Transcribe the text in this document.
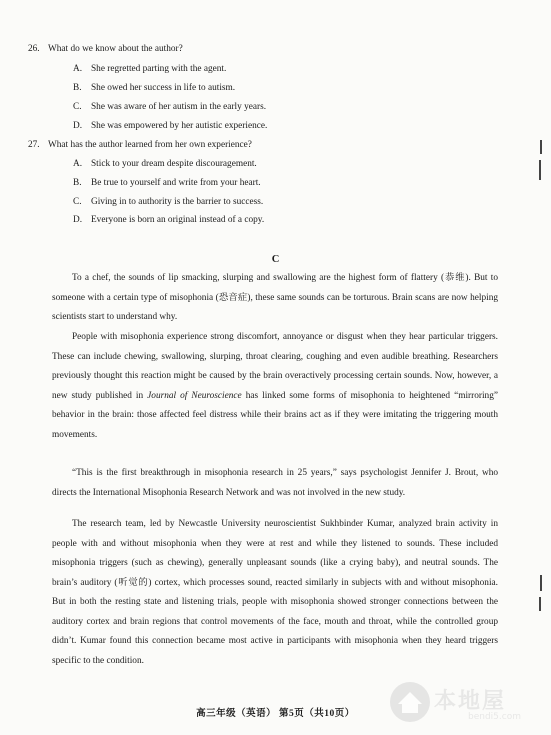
26. What do we know about the author?
A. She regretted parting with the agent.
B. She owed her success in life to autism.
C. She was aware of her autism in the early years.
D. She was empowered by her autistic experience.
27. What has the author learned from her own experience?
A. Stick to your dream despite discouragement.
B. Be true to yourself and write from your heart.
C. Giving in to authority is the barrier to success.
D. Everyone is born an original instead of a copy.
C
To a chef, the sounds of lip smacking, slurping and swallowing are the highest form of flattery (恭维). But to someone with a certain type of misophonia (恐音症), these same sounds can be torturous. Brain scans are now helping scientists start to understand why.
People with misophonia experience strong discomfort, annoyance or disgust when they hear particular triggers. These can include chewing, swallowing, slurping, throat clearing, coughing and even audible breathing. Researchers previously thought this reaction might be caused by the brain overactively processing certain sounds. Now, however, a new study published in Journal of Neuroscience has linked some forms of misophonia to heightened “mirroring” behavior in the brain: those affected feel distress while their brains act as if they were imitating the triggering mouth movements.
“This is the first breakthrough in misophonia research in 25 years,” says psychologist Jennifer J. Brout, who directs the International Misophonia Research Network and was not involved in the new study.
The research team, led by Newcastle University neuroscientist Sukhbinder Kumar, analyzed brain activity in people with and without misophonia when they were at rest and while they listened to sounds. These included misophonia triggers (such as chewing), generally unpleasant sounds (like a crying baby), and neutral sounds. The brain’s auditory (听觉的) cortex, which processes sound, reacted similarly in subjects with and without misophonia. But in both the resting state and listening trials, people with misophonia showed stronger connections between the auditory cortex and brain regions that control movements of the face, mouth and throat, while the controlled group didn’t. Kumar found this connection became most active in participants with misophonia when they heard triggers specific to the condition.
高三年级（英语） 第5页（共10页）	本地屋
bendi5.com
